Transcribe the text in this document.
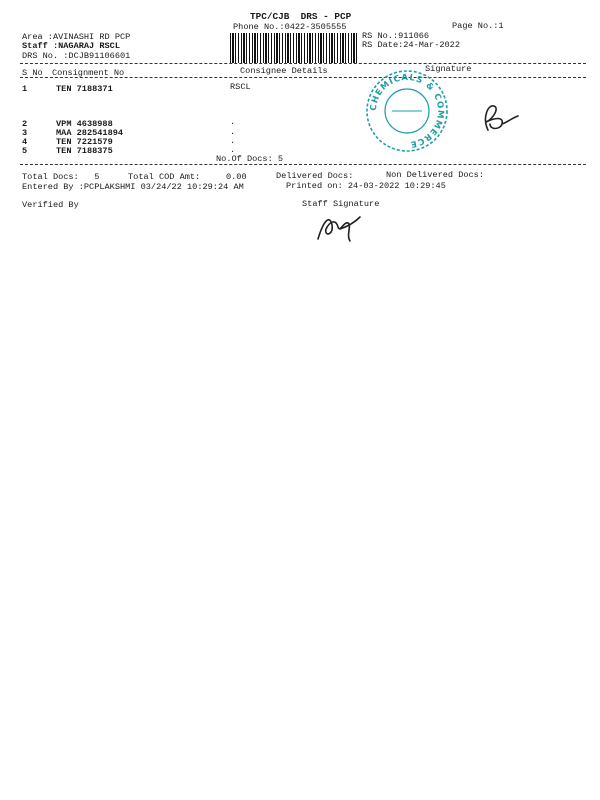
TPC/CJB  DRS - PCP
Phone No.:0422-3505555	Page No.:1
Area :AVINASHI RD PCP
Staff :NAGARAJ RSCL
DRS No. :DCJB91106601
RS No.:911066
RS Date:24-Mar-2022
S No Consignment No	Consignee Details	Signature
1	TEN 7188371	RSCL
2	VPM 4638988	.
3	MAA 282541894	.
4	TEN 7221579	.
5	TEN 7188375	.
No.Of Docs: 5
CHEMICALS & COMMERCE
Total Docs:   5	Total COD Amt:     0.00	Delivered Docs:	Non Delivered Docs:
Entered By :PCPLAKSHMI 03/24/22 10:29:24 AM	Printed on: 24-03-2022 10:29:45
Verified By	Staff Signature
